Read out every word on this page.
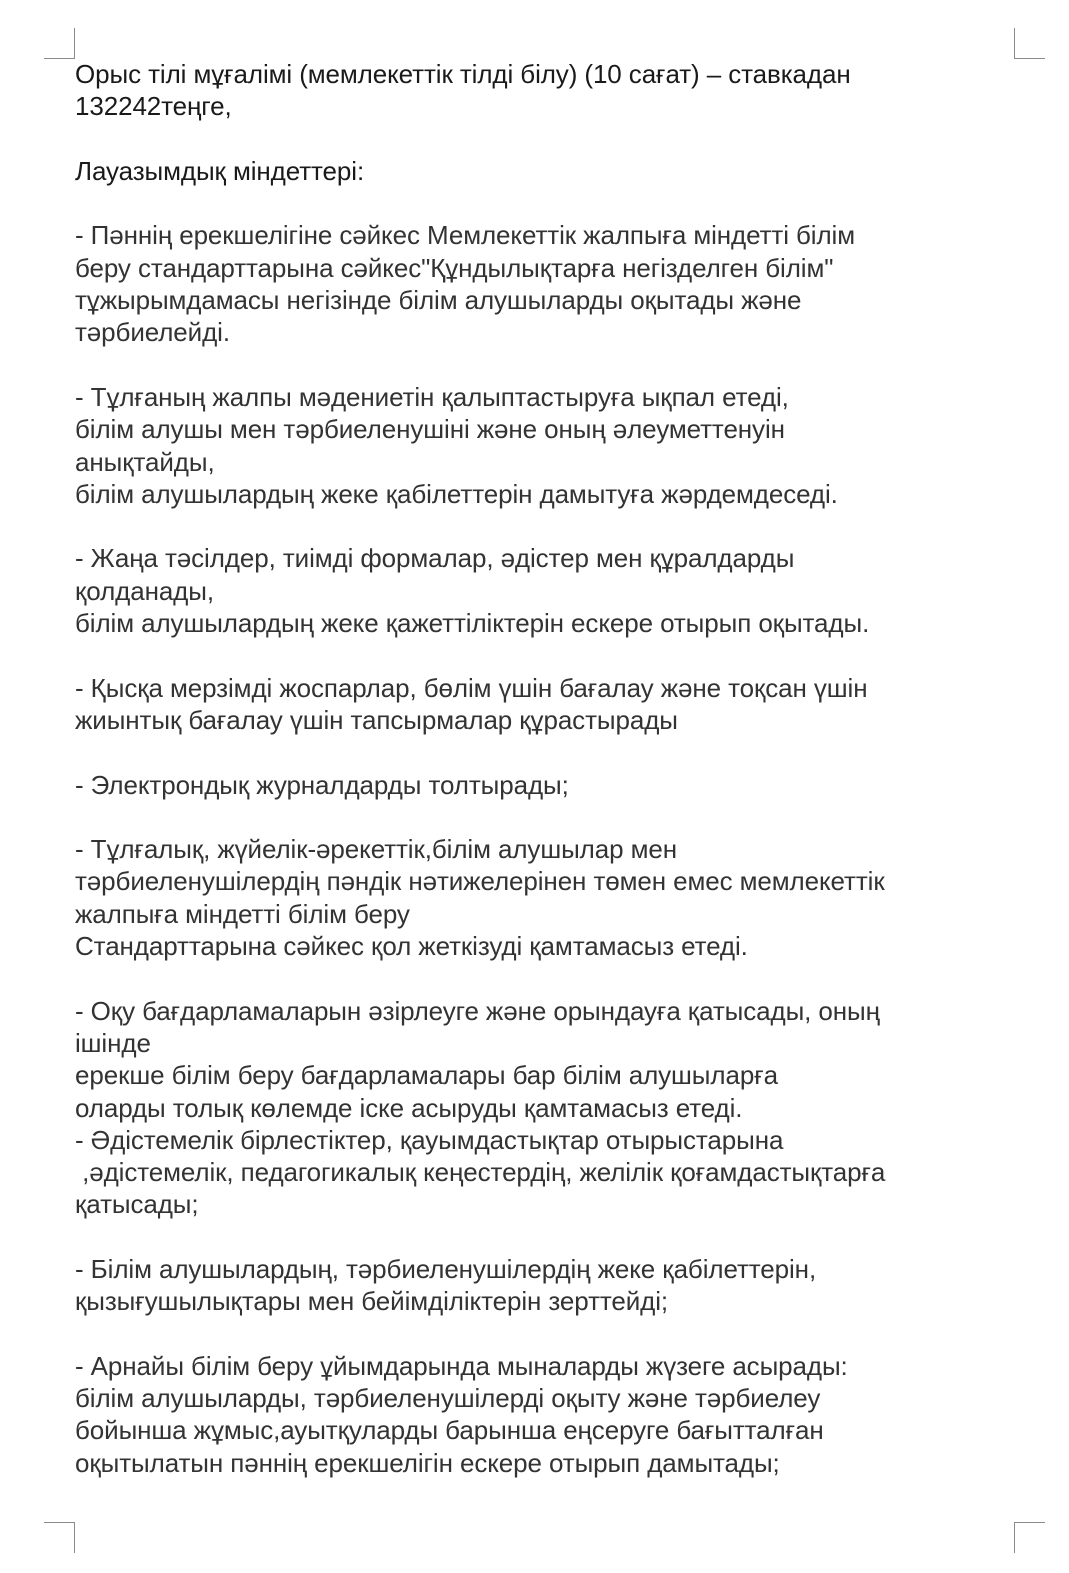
Орыс тілі мұғалімі (мемлекеттік тілді білу) (10 сағат) – ставкадан
132242теңге,
Лауазымдық міндеттері:
- Пәннің ерекшелігіне сәйкес Мемлекеттік жалпыға міндетті білім
беру стандарттарына сәйкес"Құндылықтарға негізделген білім"
тұжырымдамасы негізінде білім алушыларды оқытады және
тәрбиелейді.
- Тұлғаның жалпы мәдениетін қалыптастыруға ықпал етеді,
білім алушы мен тәрбиеленушіні және оның әлеуметтенуін
анықтайды,
білім алушылардың жеке қабілеттерін дамытуға жәрдемдеседі.
- Жаңа тәсілдер, тиімді формалар, әдістер мен құралдарды
қолданады,
білім алушылардың жеке қажеттіліктерін ескере отырып оқытады.
- Қысқа мерзімді жоспарлар, бөлім үшін бағалау және тоқсан үшін
жиынтық бағалау үшін тапсырмалар құрастырады
- Электрондық журналдарды толтырады;
- Тұлғалық, жүйелік-әрекеттік,білім алушылар мен
тәрбиеленушілердің пәндік нәтижелерінен төмен емес мемлекеттік
жалпыға міндетті білім беру
Стандарттарына сәйкес қол жеткізуді қамтамасыз етеді.
- Оқу бағдарламаларын әзірлеуге және орындауға қатысады, оның
ішінде
ерекше білім беру бағдарламалары бар білім алушыларға
оларды толық көлемде іске асыруды қамтамасыз етеді.
- Әдістемелік бірлестіктер, қауымдастықтар отырыстарына
,әдістемелік, педагогикалық кеңестердің, желілік қоғамдастықтарға
қатысады;
- Білім алушылардың, тәрбиеленушілердің жеке қабілеттерін,
қызығушылықтары мен бейімділіктерін зерттейді;
- Арнайы білім беру ұйымдарында мыналарды жүзеге асырады:
білім алушыларды, тәрбиеленушілерді оқыту және тәрбиелеу
бойынша жұмыс,ауытқуларды барынша еңсеруге бағытталған
оқытылатын пәннің ерекшелігін ескере отырып дамытады;
